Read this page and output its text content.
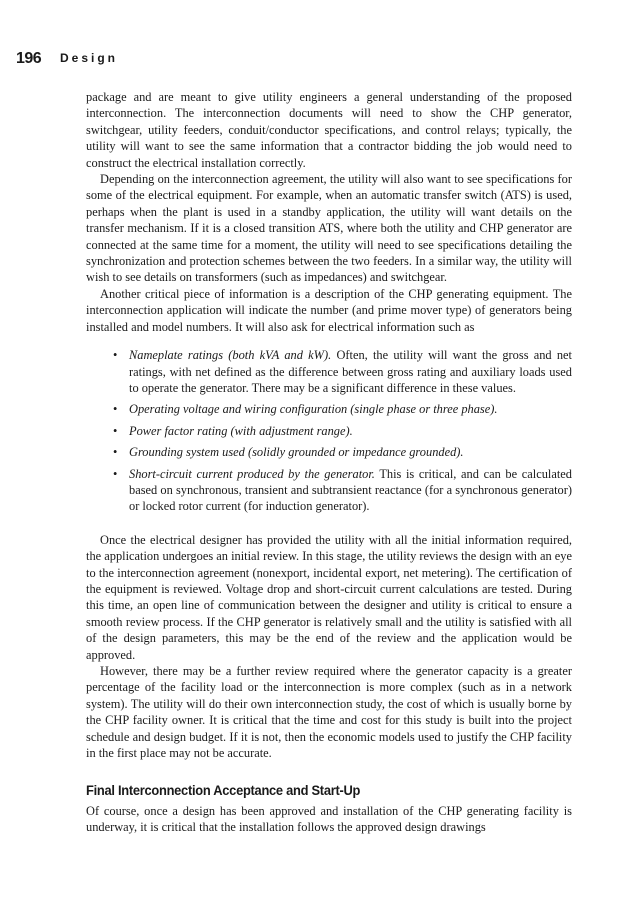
196 Design

package and are meant to give utility engineers a general understanding of the proposed interconnection. The interconnection documents will need to show the CHP generator, switchgear, utility feeders, conduit/conductor specifications, and control relays; typically, the utility will want to see the same information that a contractor bidding the job would need to construct the electrical installation correctly.

Depending on the interconnection agreement, the utility will also want to see specifications for some of the electrical equipment. For example, when an automatic transfer switch (ATS) is used, perhaps when the plant is used in a standby application, the utility will want details on the transfer mechanism. If it is a closed transition ATS, where both the utility and CHP generator are connected at the same time for a moment, the utility will need to see specifications detailing the synchronization and protection schemes between the two feeders. In a similar way, the utility will wish to see details on transformers (such as impedances) and switchgear.

Another critical piece of information is a description of the CHP generating equipment. The interconnection application will indicate the number (and prime mover type) of generators being installed and model numbers. It will also ask for electrical information such as

• Nameplate ratings (both kVA and kW). Often, the utility will want the gross and net ratings, with net defined as the difference between gross rating and auxiliary loads used to operate the generator. There may be a significant difference in these values.
• Operating voltage and wiring configuration (single phase or three phase).
• Power factor rating (with adjustment range).
• Grounding system used (solidly grounded or impedance grounded).
• Short-circuit current produced by the generator. This is critical, and can be calculated based on synchronous, transient and subtransient reactance (for a synchronous generator) or locked rotor current (for induction generator).

Once the electrical designer has provided the utility with all the initial information required, the application undergoes an initial review. In this stage, the utility reviews the design with an eye to the interconnection agreement (nonexport, incidental export, net metering). The certification of the equipment is reviewed. Voltage drop and short-circuit current calculations are tested. During this time, an open line of communication between the designer and utility is critical to ensure a smooth review process. If the CHP generator is relatively small and the utility is satisfied with all of the design parameters, this may be the end of the review and the application would be approved.

However, there may be a further review required where the generator capacity is a greater percentage of the facility load or the interconnection is more complex (such as in a network system). The utility will do their own interconnection study, the cost of which is usually borne by the CHP facility owner. It is critical that the time and cost for this study is built into the project schedule and design budget. If it is not, then the economic models used to justify the CHP facility in the first place may not be accurate.

Final Interconnection Acceptance and Start-Up

Of course, once a design has been approved and installation of the CHP generating facility is underway, it is critical that the installation follows the approved design drawings
